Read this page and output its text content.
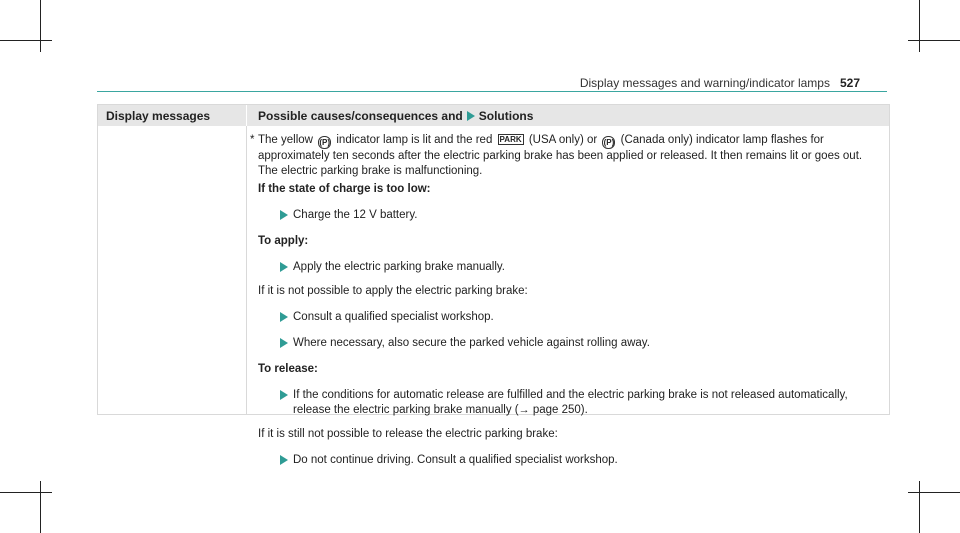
Display messages and warning/indicator lamps 527
Display messages	Possible causes/consequences and Solutions

* The yellow (P) indicator lamp is lit and the red PARK (USA only) or (P) (Canada only) indicator lamp flashes for approximately ten seconds after the electric parking brake has been applied or released. It then remains lit or goes out. The electric parking brake is malfunctioning.

If the state of charge is too low:
Charge the 12 V battery.
To apply:
Apply the electric parking brake manually.

If it is not possible to apply the electric parking brake:

Consult a qualified specialist workshop.
Where necessary, also secure the parked vehicle against rolling away.
To release:
If the conditions for automatic release are fulfilled and the electric parking brake is not released automatically, release the electric parking brake manually (→ page 250).

If it is still not possible to release the electric parking brake:

Do not continue driving. Consult a qualified specialist workshop.
